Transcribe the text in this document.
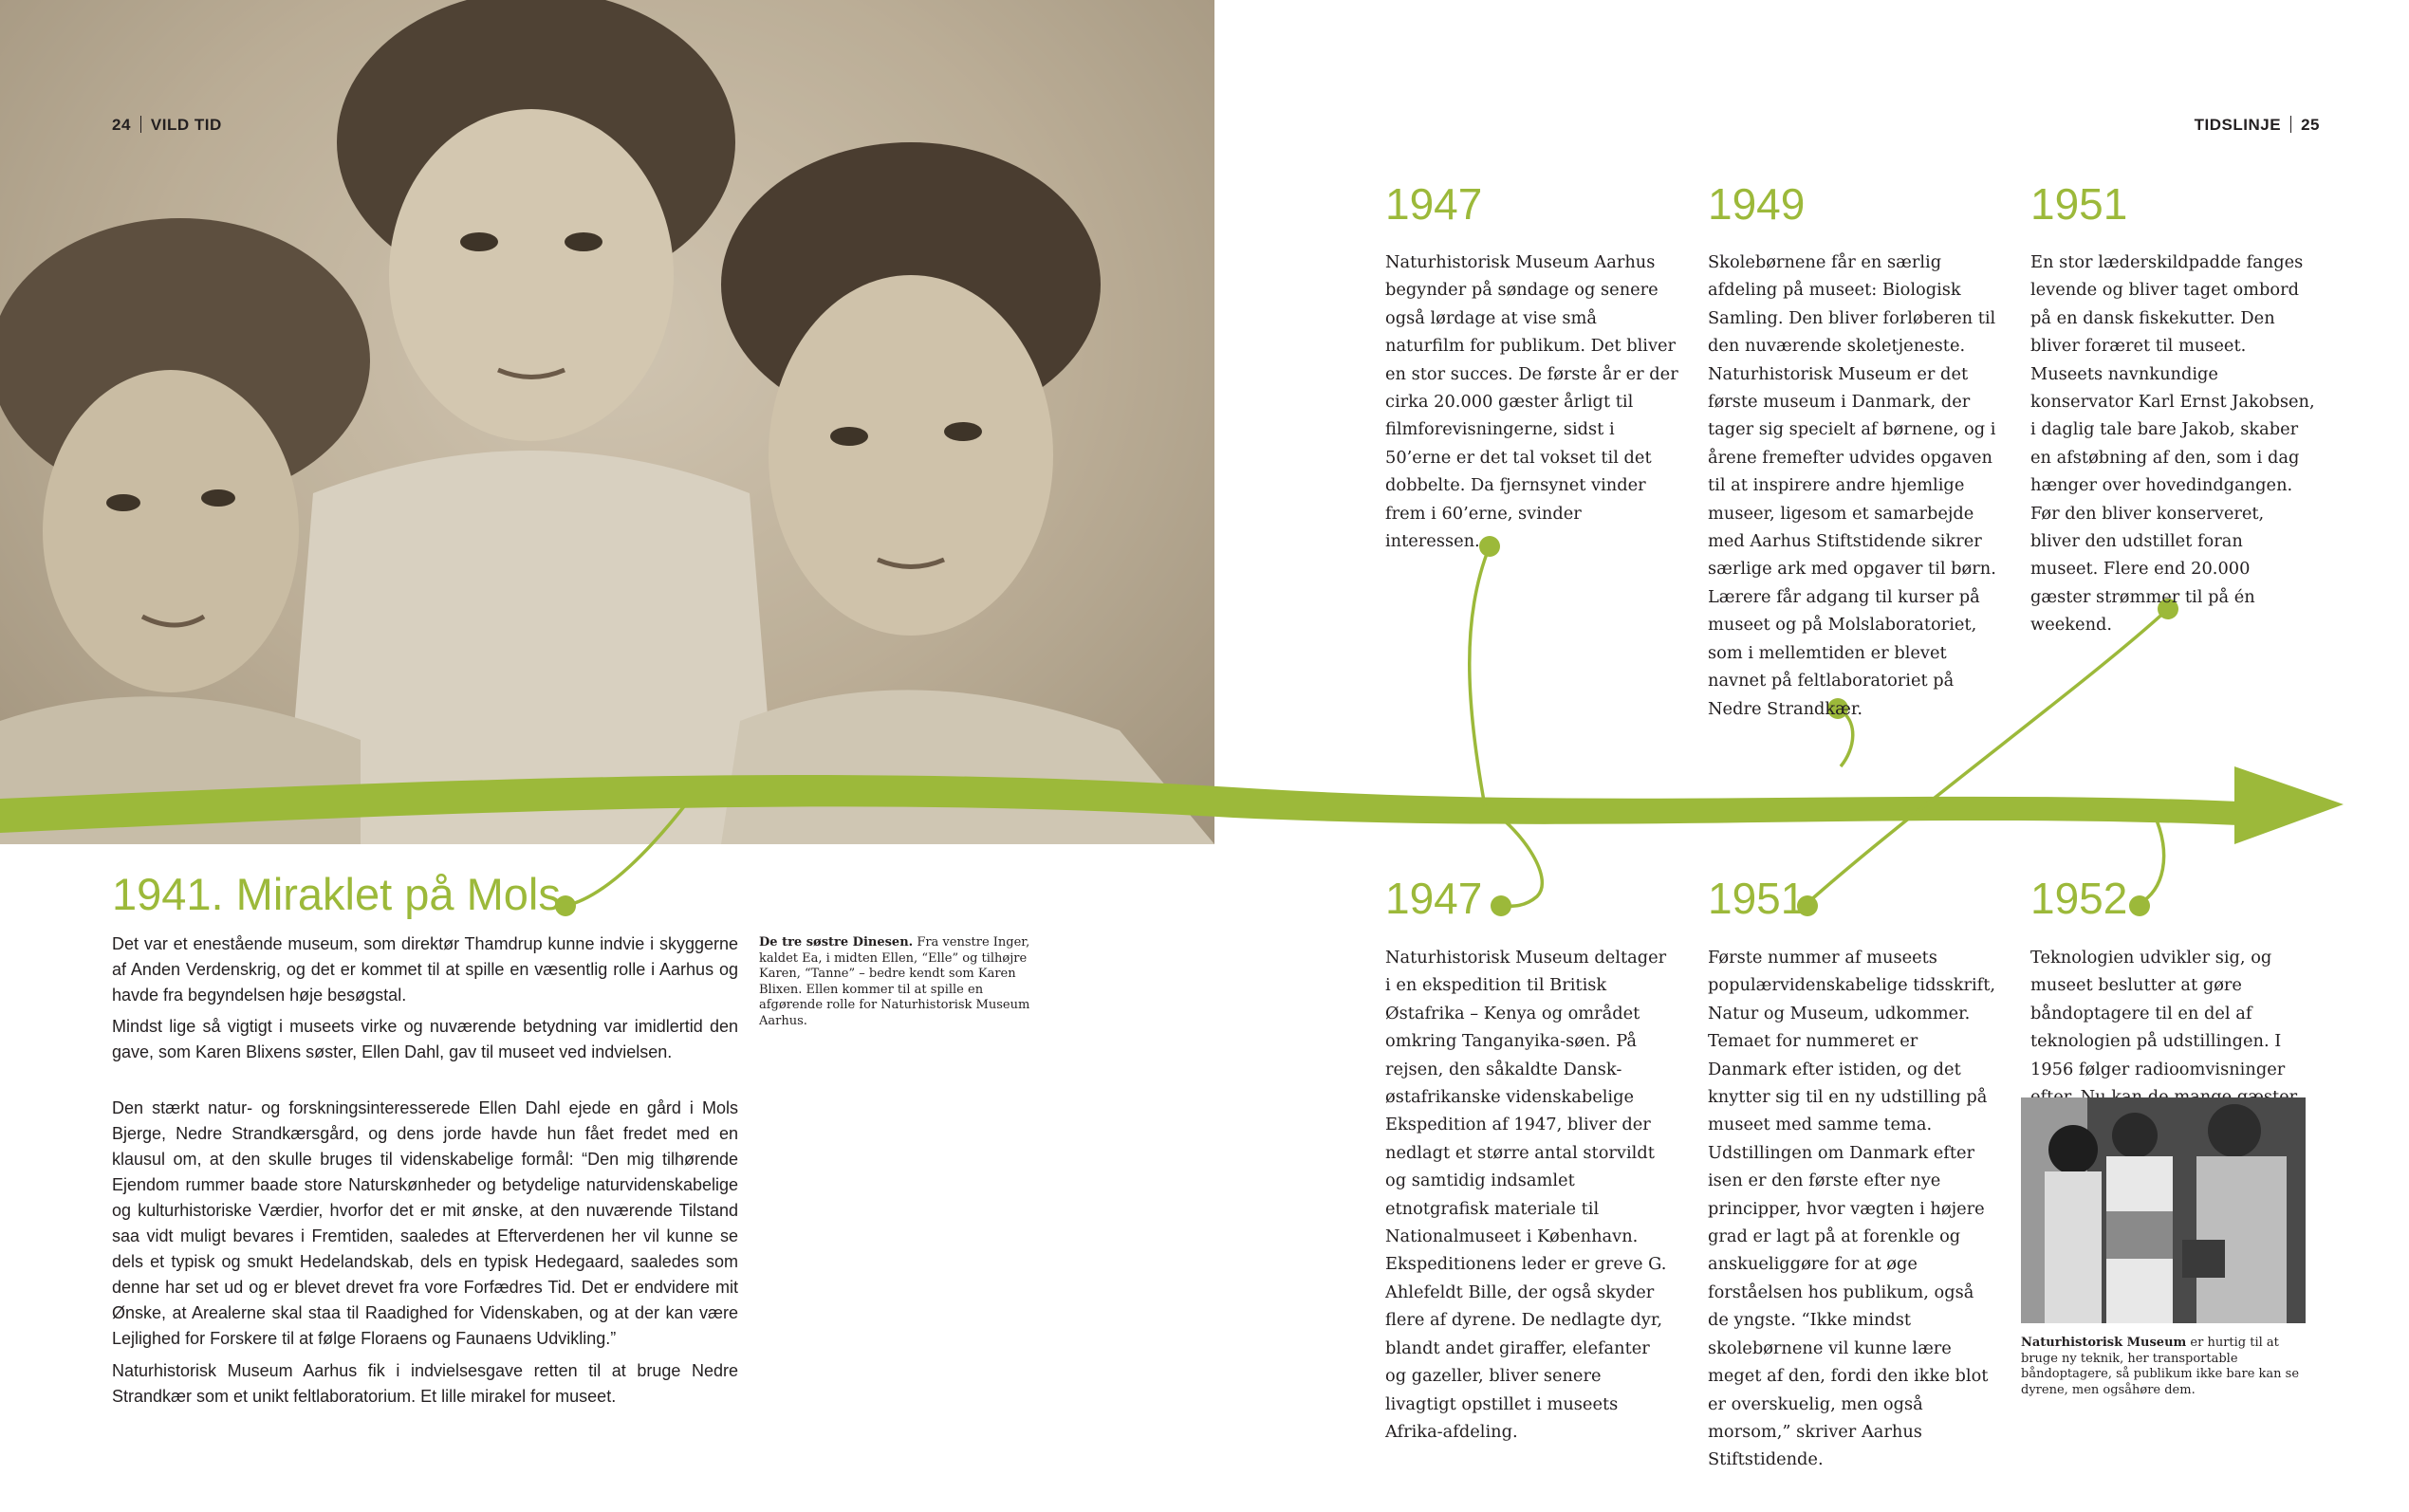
24 VILD TID	TIDSLINJE 25
1947
Naturhistorisk Museum Aarhus begynder på søndage og senere også lørdage at vise små naturfilm for publikum. Det bliver en stor succes. De første år er der cirka 20.000 gæster årligt til filmforevisningerne, sidst i 50’erne er det tal vokset til det dobbelte. Da fjernsynet vinder frem i 60’erne, svinder interessen.
1949
Skolebørnene får en særlig afdeling på museet: Biologisk Samling. Den bliver forløberen til den nuværende skoletjeneste. Naturhistorisk Museum er det første museum i Danmark, der tager sig specielt af børnene, og i årene fremefter udvides opgaven til at inspirere andre hjemlige museer, ligesom et samarbejde med Aarhus Stiftstidende sikrer særlige ark med opgaver til børn. Lærere får adgang til kurser på museet og på Molslaboratoriet, som i mellemtiden er blevet navnet på feltlaboratoriet på Nedre Strandkær.
1951
En stor læderskildpadde fanges levende og bliver taget ombord på en dansk fiskekutter. Den bliver foræret til museet. Museets navnkundige konservator Karl Ernst Jakobsen, i daglig tale bare Jakob, skaber en afstøbning af den, som i dag hænger over hovedindgangen. Før den bliver konserveret, bliver den udstillet foran museet. Flere end 20.000 gæster strømmer til på én weekend.
1947
Naturhistorisk Museum deltager i en ekspedition til Britisk Østafrika – Kenya og området omkring Tanganyika-søen. På rejsen, den såkaldte Dansk-østafrikanske videnskabelige Ekspedition af 1947, bliver der nedlagt et større antal storvildt og samtidig indsamlet etnotgrafisk materiale til Nationalmuseet i København. Ekspeditionens leder er greve G. Ahlefeldt Bille, der også skyder flere af dyrene. De nedlagte dyr, blandt andet giraffer, elefanter og gazeller, bliver senere livagtigt opstillet i museets Afrika-afdeling.
1951
Første nummer af museets populærvidenskabelige tidsskrift, Natur og Museum, udkommer. Temaet for nummeret er Danmark efter istiden, og det knytter sig til en ny udstilling på museet med samme tema. Udstillingen om Danmark efter isen er den første efter nye principper, hvor vægten i højere grad er lagt på at forenkle og anskueliggøre for at øge forståelsen hos publikum, også de yngste. “Ikke mindst skolebørnene vil kunne lære meget af den, fordi den ikke blot er overskuelig, men også morsom,” skriver Aarhus Stiftstidende.
1952
Teknologien udvikler sig, og museet beslutter at gøre båndoptagere til en del af teknologien på udstillingen. I 1956 følger radioomvisninger
1941. Miraklet på Mols

Det var et enestående museum, som direktør Thamdrup kunne indvie i skyggerne af Anden Verdenskrig, og det er kommet til at spille en væsentlig rolle i Aarhus og havde fra begyndelsen høje besøgstal.

Mindst lige så vigtigt i museets virke og nuværende betydning var imidlertid den gave, som Karen Blixens søster, Ellen Dahl, gav til museet ved indvielsen.

Den stærkt natur- og forskningsinteresserede Ellen Dahl ejede en gård i Mols Bjerge, Nedre Strandkærsgård, og dens jorde havde hun fået fredet med en klausul om, at den skulle bruges til videnskabelige formål: “Den mig tilhørende Ejendom rummer baade store Naturskønheder og betydelige naturvidenskabelige og kulturhistoriske Værdier, hvorfor det er mit ønske, at den nuværende Tilstand saa vidt muligt bevares i Fremtiden, saaledes at Efterverdenen her vil kunne se dels et typisk og smukt Hedelandskab, dels en typisk Hedegaard, saaledes som denne har set ud og er blevet drevet fra vore Forfædres Tid. Det er endvidere mit Ønske, at Arealerne skal staa til Raadighed for Videnskaben, og at der kan være Lejlighed for Forskere til at følge Floraens og Faunaens Udvikling.”

Naturhistorisk Museum Aarhus fik i indvielsesgave retten til at bruge Nedre Strandkær som et unikt feltlaboratorium. Et lille mirakel for museet.

De tre søstre Dinesen. Fra venstre Inger, kaldet Ea, i midten Ellen, “Elle” og tilhøjre Karen, “Tanne” – bedre kendt som Karen Blixen. Ellen kommer til at spille en afgørende rolle for Naturhistorisk Museum Aarhus.
Naturhistorisk Museum er hurtig til at bruge ny teknik, her transportable båndoptagere, så publikum ikke bare kan se dyrene, men ogsåhøre dem.
